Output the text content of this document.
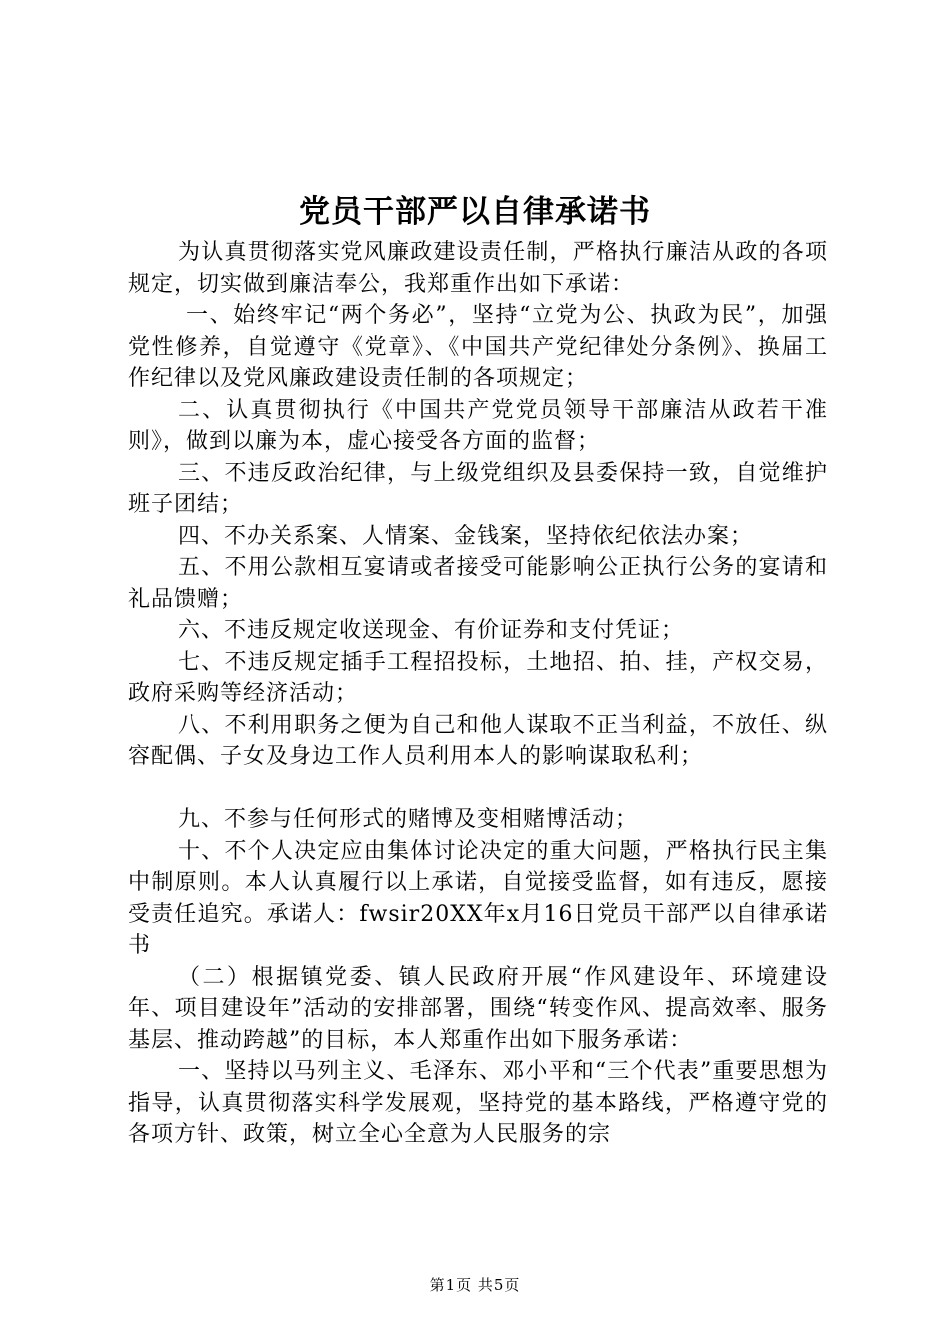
党员干部严以自律承诺书

为认真贯彻落实党风廉政建设责任制，严格执行廉洁从政的各项规定，切实做到廉洁奉公，我郑重作出如下承诺：

一、始终牢记“两个务必”，坚持“立党为公、执政为民”，加强党性修养，自觉遵守《党章》、《中国共产党纪律处分条例》、换届工作纪律以及党风廉政建设责任制的各项规定；

二、认真贯彻执行《中国共产党党员领导干部廉洁从政若干准则》，做到以廉为本，虚心接受各方面的监督；

三、不违反政治纪律，与上级党组织及县委保持一致，自觉维护班子团结；

四、不办关系案、人情案、金钱案，坚持依纪依法办案；

五、不用公款相互宴请或者接受可能影响公正执行公务的宴请和礼品馈赠；

六、不违反规定收送现金、有价证券和支付凭证；

七、不违反规定插手工程招投标，土地招、拍、挂，产权交易，政府采购等经济活动；

八、不利用职务之便为自己和他人谋取不正当利益，不放任、纵容配偶、子女及身边工作人员利用本人的影响谋取私利；

九、不参与任何形式的赌博及变相赌博活动；

十、不个人决定应由集体讨论决定的重大问题，严格执行民主集中制原则。本人认真履行以上承诺，自觉接受监督，如有违反，愿接受责任追究。承诺人：fwsir20XX年x月16日党员干部严以自律承诺书

（二）根据镇党委、镇人民政府开展“作风建设年、环境建设年、项目建设年”活动的安排部署，围绕“转变作风、提高效率、服务基层、推动跨越”的目标，本人郑重作出如下服务承诺：

一、坚持以马列主义、毛泽东、邓小平和“三个代表”重要思想为指导，认真贯彻落实科学发展观，坚持党的基本路线，严格遵守党的各项方针、政策，树立全心全意为人民服务的宗

第1页 共5页
